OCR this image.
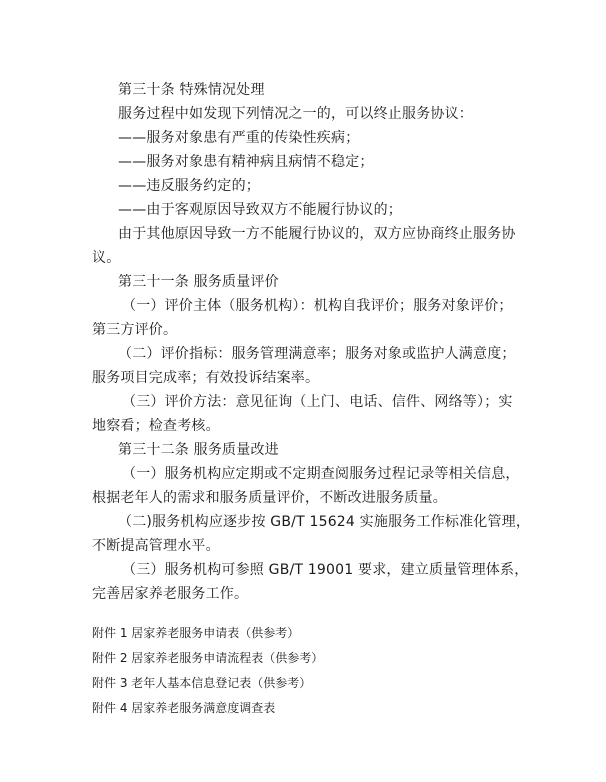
第三十条 特殊情况处理
服务过程中如发现下列情况之一的，可以终止服务协议：
——服务对象患有严重的传染性疾病；
——服务对象患有精神病且病情不稳定；
——违反服务约定的；
——由于客观原因导致双方不能履行协议的；
由于其他原因导致一方不能履行协议的，双方应协商终止服务协
议。
第三十一条 服务质量评价
（一）评价主体（服务机构）：机构自我评价；服务对象评价；
第三方评价。
（二）评价指标：服务管理满意率；服务对象或监护人满意度；
服务项目完成率；有效投诉结案率。
（三）评价方法：意见征询（上门、电话、信件、网络等）；实
地察看；检查考核。
第三十二条 服务质量改进
（一）服务机构应定期或不定期查阅服务过程记录等相关信息，
根据老年人的需求和服务质量评价，不断改进服务质量。
（二)服务机构应逐步按 GB/T 15624 实施服务工作标准化管理，
不断提高管理水平。
（三）服务机构可参照 GB/T 19001 要求，建立质量管理体系，
完善居家养老服务工作。
附件 1 居家养老服务申请表（供参考）
附件 2 居家养老服务申请流程表（供参考）
附件 3 老年人基本信息登记表（供参考）
附件 4 居家养老服务满意度调查表
